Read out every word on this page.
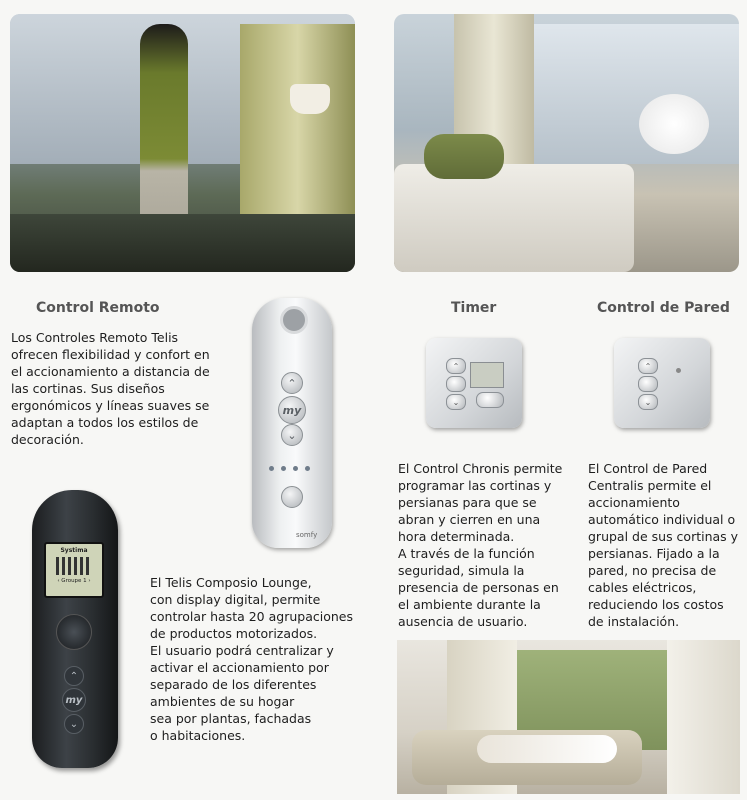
Control Remoto	Timer	Control de Pared
Los Controles Remoto Telis
ofrecen flexibilidad y confort en
el accionamiento a distancia de
las cortinas. Sus diseños
ergonómicos y líneas suaves se
adaptan a todos los estilos de
decoración.
El Telis Composio Lounge,
con display digital, permite
controlar hasta 20 agrupaciones
de productos motorizados.
El usuario podrá centralizar y
activar el accionamiento por
separado de los diferentes
ambientes de su hogar
sea por plantas, fachadas
o habitaciones.
El Control Chronis permite
programar las cortinas y
persianas para que se
abran y cierren en una
hora determinada.
A través de la función
seguridad, simula la
presencia de personas en
el ambiente durante la
ausencia de usuario.
El Control de Pared
Centralis permite el
accionamiento
automático individual o
grupal de sus cortinas y
persianas. Fijado a la
pared, no precisa de
cables eléctricos,
reduciendo los costos
de instalación.
⌃
my
⌄
somfy
Systima
‹ Groupe 1 ›
⌃
my
⌄
⌃
⌄
⌃
⌄
